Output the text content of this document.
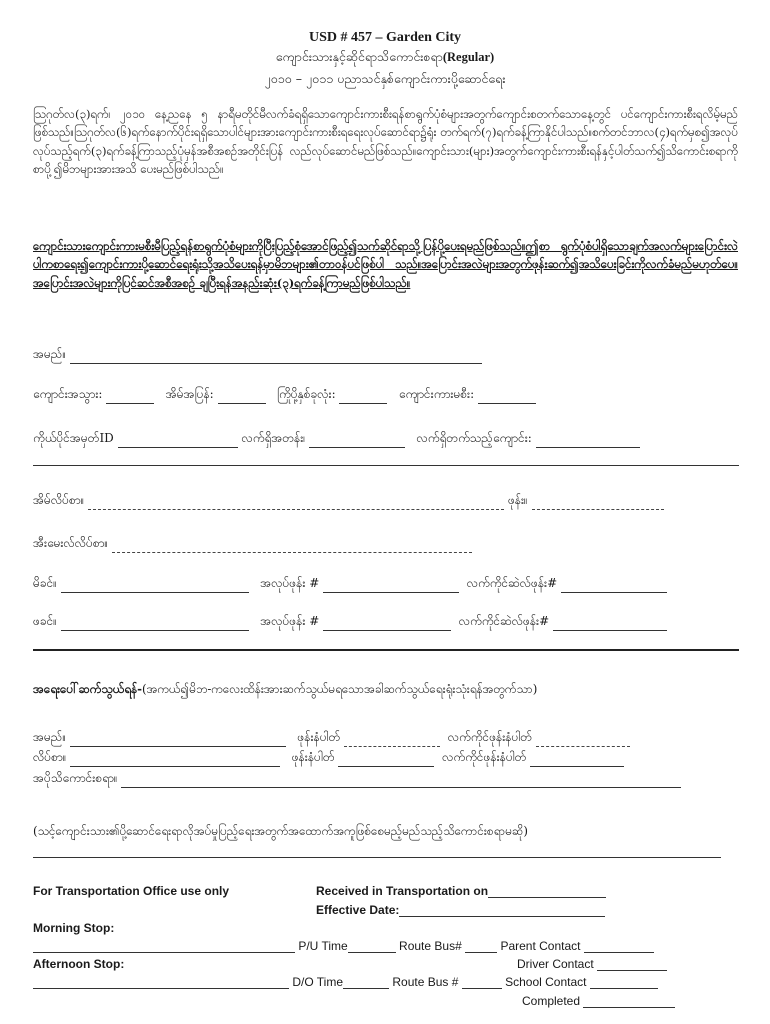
USD # 457 – Garden City
ကျောင်းသားနှင့်ဆိုင်ရာသိကောင်းစရာ(Regular)
၂၀၁၀ – ၂၀၁၁ ပညာသင်နှစ်ကျောင်းကားပို့ဆောင်ရေး

ဩဂုတ်လ(၃)ရက်၊ ၂၀၁၀ နေ့ညနေ ၅ နာရီမတိုင်မီလက်ခံရရှိသောကျောင်းကားစီးရန်စာရွက်ပုံစံများအတွက်ကျောင်းစတက်သောနေ့တွင် ပင်ကျောင်းကားစီးရလိမ့်မည်ဖြစ်သည်။ဩဂုတ်လ(၆)ရက်နောက်ပိုင်းရရှိသောပါင်များအားကျောင်းကားစီးရရေးလုပ်ဆောင်ရာ၌ရုံး တက်ရက်(၇)ရက်ခန့်ကြာနိုင်ပါသည်။စက်တင်ဘာလ(၄)ရက်မှစ၍အလုပ်လုပ်သည့်ရက်(၃)ရက်ခန့်ကြာသည့်ပုံမှန်အစီအစဉ်အတိုင်းပြန် လည်လုပ်ဆောင်မည်ဖြစ်သည်။ကျောင်းသား(များ)အတွက်ကျောင်းကားစီးရန်နှင့်ပါတ်သက်၍သိကောင်းစရာကိုစာပို့၍မိဘများအားအသိ ပေးမည်ဖြစ်ပါသည်။

ကျောင်းသားကျောင်းကားမစီးမီပြည့်ရန်စာရွက်ပုံစံများကိုပြီးပြည့်စုံအောင်ဖြည့်၍သက်ဆိုင်ရာသို့ပြန်ပို့ပေးရမည်ဖြစ်သည်။ဤစာ ရွက်ပုံစံပါရှိသောချက်အလက်များပြောင်းလဲပါကစာရေး၍ကျောင်းကားပို့ဆောင်ရေးရုံးသို့အသိပေးရန်မှာမိဘများ၏တာဝန်ပင်ဖြစ်ပါ သည်။အပြောင်းအလဲများအတွက်ဖုန်းဆက်၍အသိပေးခြင်းကိုလက်ခံမည်မဟုတ်ပေ။အပြောင်းအလဲများကိုပြင်ဆင်အစီအစဉ် ချပြီးရန်အနည်းဆုံး(၃)ရက်ခန့်ကြာမည်ဖြစ်ပါသည်။

အမည်။
ကျောင်းအသွား:	အိမ်အပြန်:	ကြိုပို့နှစ်ခုလုံး:	ကျောင်းကားမစီး:
ကိုယ်ပိုင်အမှတ်ID	လက်ရှိအတန်း၊	လက်ရှိတက်သည့်ကျောင်း:
အိမ်လိပ်စာ။	ဖုန်း။
အီးမေးလ်လိပ်စာ။
မိခင်။	အလုပ်ဖုန်း #	လက်ကိုင်ဆဲလ်ဖုန်း#
ဖခင်။	အလုပ်ဖုန်း #	လက်ကိုင်ဆဲလ်ဖုန်း#
အရေးပေါ်ဆက်သွယ်ရန်-(အကယ်၍မိဘ-ကလေးထိန်းအားဆက်သွယ်မရသောအခါဆက်သွယ်ရေးရုံးသုံးရန်အတွက်သာ)
အမည်။	ဖုန်းနံပါတ်	လက်ကိုင်ဖုန်းနံပါတ်
လိပ်စာ။	ဖုန်းနံပါတ်	လက်ကိုင်ဖုန်းနံပါတ်
အပိုသိကောင်းစရာ။
(သင့်ကျောင်းသား၏ပို့ဆောင်ရေးရာလိုအပ်မှုပြည့်ရေးအတွက်အထောက်အကူဖြစ်စေမည့်မည်သည့်သိကောင်းစရာမဆို)
For Transportation Office use only	Received in Transportation on
Effective Date:
Morning Stop:
P/U Time	Route Bus#	Parent Contact
Afternoon Stop:	Driver Contact
D/O Time	Route Bus #	School Contact
Completed
